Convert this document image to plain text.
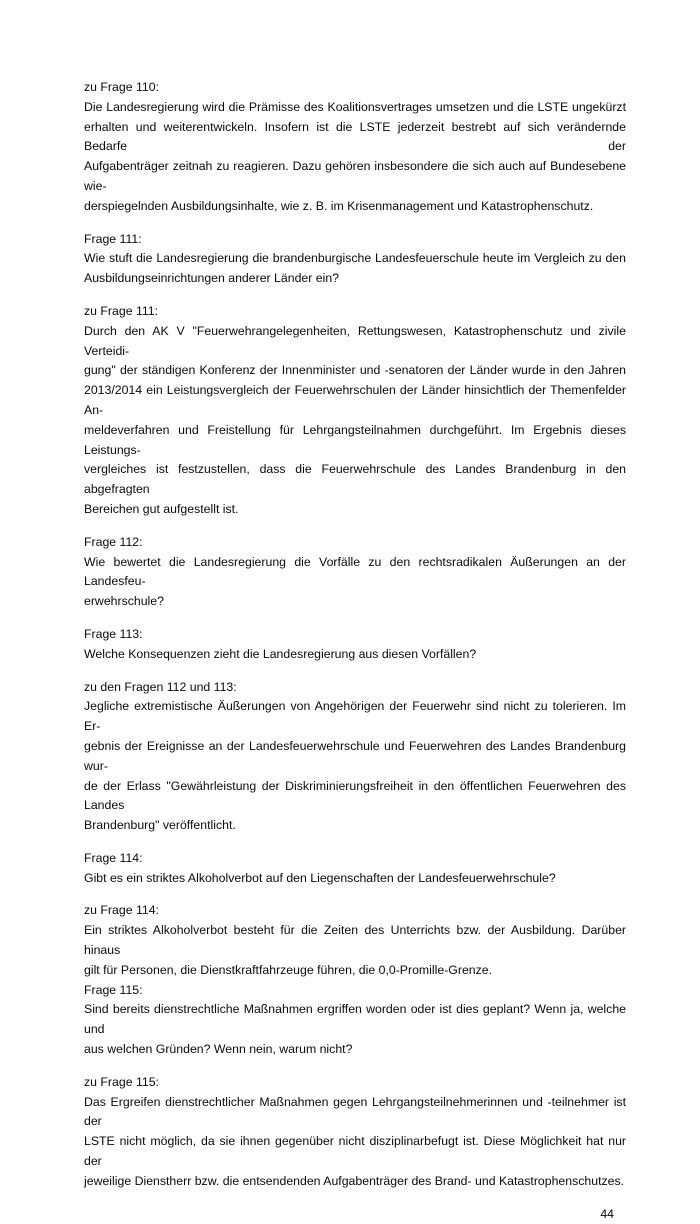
zu Frage 110:
Die Landesregierung wird die Prämisse des Koalitionsvertrages umsetzen und die LSTE ungekürzt
erhalten und weiterentwickeln. Insofern ist die LSTE jederzeit bestrebt auf sich verändernde Bedarfe der
Aufgabenträger zeitnah zu reagieren. Dazu gehören insbesondere die sich auch auf Bundesebene wie-
derspiegelnden Ausbildungsinhalte, wie z. B. im Krisenmanagement und Katastrophenschutz.
Frage 111:
Wie stuft die Landesregierung die brandenburgische Landesfeuerschule heute im Vergleich zu den
Ausbildungseinrichtungen anderer Länder ein?
zu Frage 111:
Durch den AK V "Feuerwehrangelegenheiten, Rettungswesen, Katastrophenschutz und zivile Verteidi-
gung" der ständigen Konferenz der Innenminister und -senatoren der Länder wurde in den Jahren
2013/2014 ein Leistungsvergleich der Feuerwehrschulen der Länder hinsichtlich der Themenfelder An-
meldeverfahren und Freistellung für Lehrgangsteilnahmen durchgeführt. Im Ergebnis dieses Leistungs-
vergleiches ist festzustellen, dass die Feuerwehrschule des Landes Brandenburg in den abgefragten
Bereichen gut aufgestellt ist.
Frage 112:
Wie bewertet die Landesregierung die Vorfälle zu den rechtsradikalen Äußerungen an der Landesfeu-
erwehrschule?
Frage 113:
Welche Konsequenzen zieht die Landesregierung aus diesen Vorfällen?
zu den Fragen 112 und 113:
Jegliche extremistische Äußerungen von Angehörigen der Feuerwehr sind nicht zu tolerieren. Im Er-
gebnis der Ereignisse an der Landesfeuerwehrschule und Feuerwehren des Landes Brandenburg wur-
de der Erlass "Gewährleistung der Diskriminierungsfreiheit in den öffentlichen Feuerwehren des Landes
Brandenburg" veröffentlicht.
Frage 114:
Gibt es ein striktes Alkoholverbot auf den Liegenschaften der Landesfeuerwehrschule?
zu Frage 114:
Ein striktes Alkoholverbot besteht für die Zeiten des Unterrichts bzw. der Ausbildung. Darüber hinaus
gilt für Personen, die Dienstkraftfahrzeuge führen, die 0,0-Promille-Grenze.
Frage 115:
Sind bereits dienstrechtliche Maßnahmen ergriffen worden oder ist dies geplant? Wenn ja, welche und
aus welchen Gründen? Wenn nein, warum nicht?
zu Frage 115:
Das Ergreifen dienstrechtlicher Maßnahmen gegen Lehrgangsteilnehmerinnen und -teilnehmer ist der
LSTE nicht möglich, da sie ihnen gegenüber nicht disziplinarbefugt ist. Diese Möglichkeit hat nur der
jeweilige Dienstherr bzw. die entsendenden Aufgabenträger des Brand- und Katastrophenschutzes.
44
